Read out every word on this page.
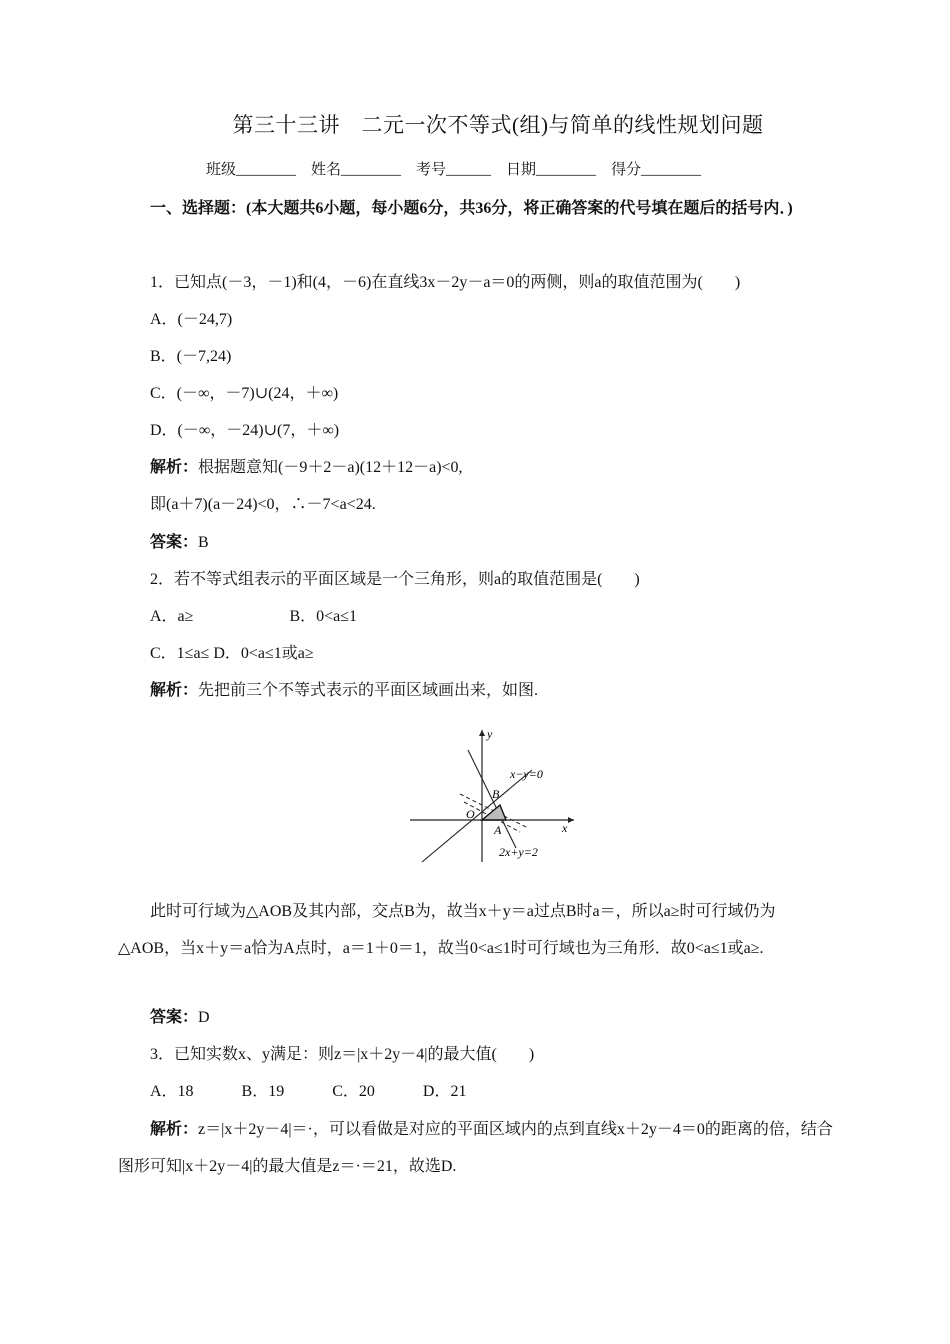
第三十三讲　二元一次不等式(组)与简单的线性规划问题
班级________　姓名________　考号______　日期________　得分________
一、选择题：(本大题共6小题，每小题6分，共36分，将正确答案的代号填在题后的括号内．)
1．已知点(－3，－1)和(4，－6)在直线3x－2y－a＝0的两侧，则a的取值范围为(　　)
A．(－24,7)
B．(－7,24)
C．(－∞，－7)∪(24，＋∞)
D．(－∞，－24)∪(7，＋∞)
解析：根据题意知(－9＋2－a)(12＋12－a)<0,
即(a＋7)(a－24)<0，∴－7<a<24.
答案：B
2．若不等式组表示的平面区域是一个三角形，则a的取值范围是(　　)
A．a≥　　　　　　B．0<a≤1
C．1≤a≤ D．0<a≤1或a≥
解析：先把前三个不等式表示的平面区域画出来，如图.
y
x
x−y=0
2x+y=2
B
O
A
此时可行域为△AOB及其内部，交点B为，故当x＋y＝a过点B时a＝，所以a≥时可行域仍为△AOB，当x＋y＝a恰为A点时，a＝1＋0＝1，故当0<a≤1时可行域也为三角形．故0<a≤1或a≥.
答案：D
3．已知实数x、y满足：则z＝|x＋2y－4|的最大值(　　)
A．18　　　B．19　　　C．20　　　D．21
解析：z＝|x＋2y－4|＝·，可以看做是对应的平面区域内的点到直线x＋2y－4＝0的距离的倍，结合图形可知|x＋2y－4|的最大值是z＝·＝21，故选D.
